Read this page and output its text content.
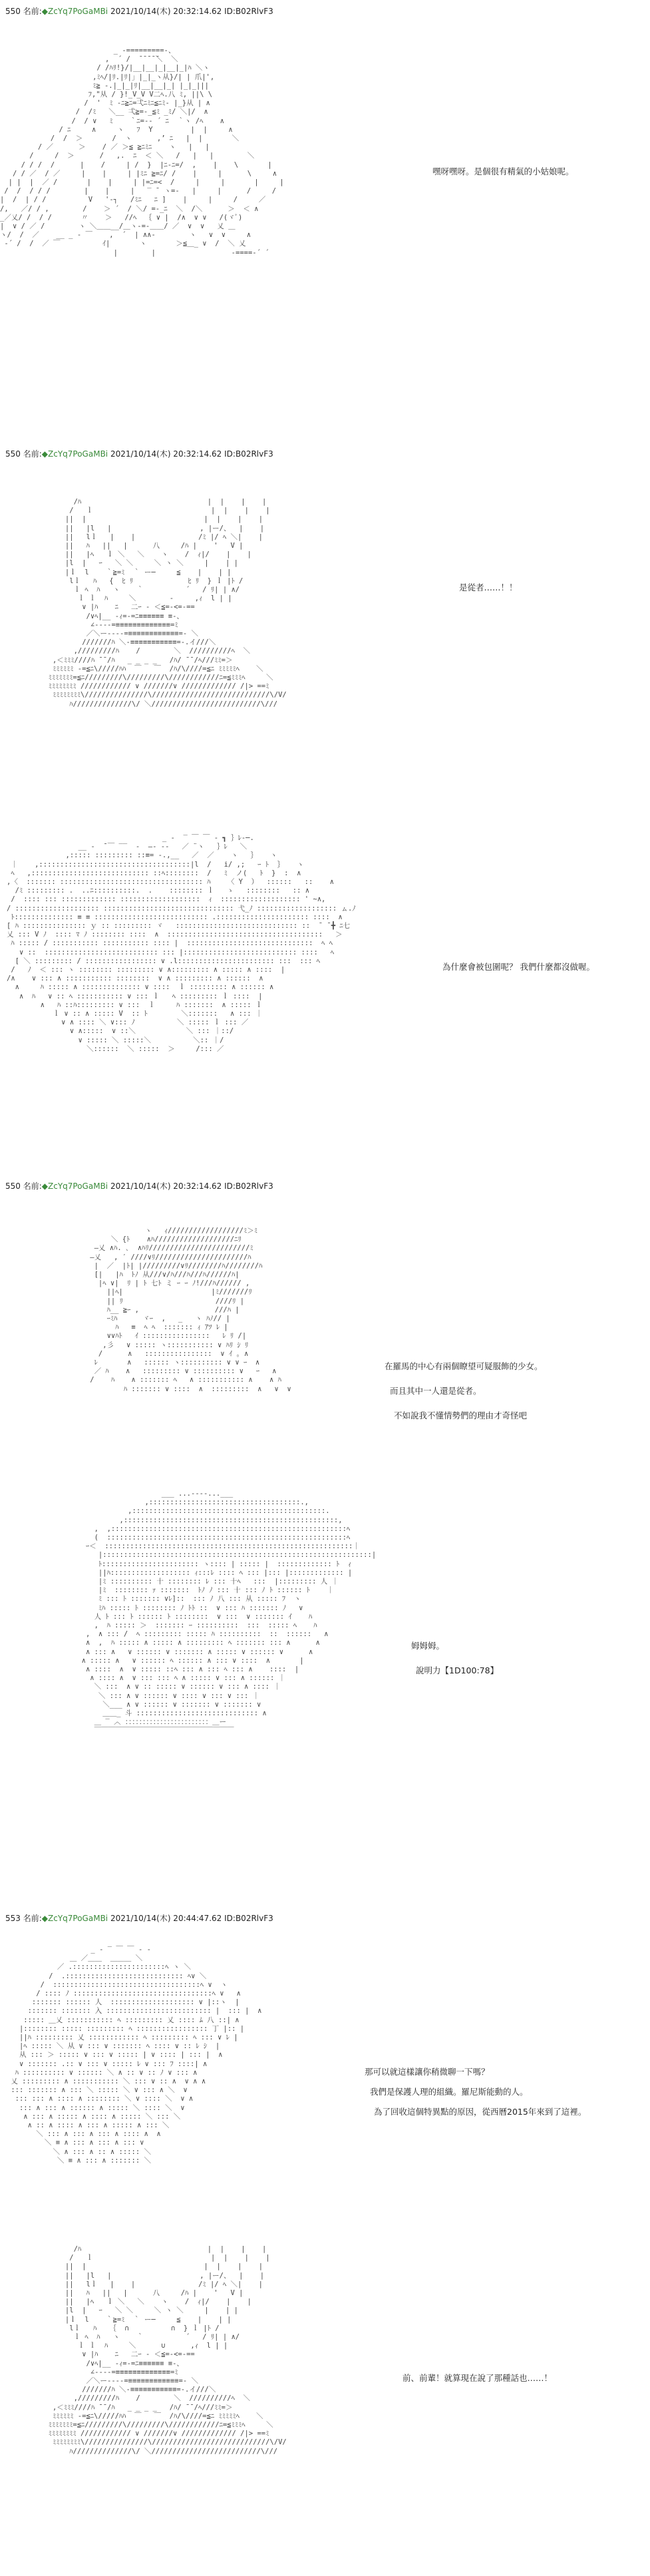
550 名前:◆ZcYq7PoGaMBi 2021/10/14(木) 20:32:14.62 ID:B02RlvF3
_ -=========-、
,  ´ /  ̄ ̄ ̄ ̄ ̄＼  ＼
/ /ﾊﾘ!}/|__|__|_|__|_|ﾊ ＼ヽ
,ﾐﾍ/|ﾘ.|ﾘ|」|_|_ヽ从}/| | 爪|',
ﾐ≧ -.|_|_|ﾘ|__|__|_| |_|_|||
ﾌ,"从 / }!_V_V V二ﾍ.八 ﾐ, ||\ \
/  '  ﾐ -ﾆ≧ﾆ=弌ﾆﾐﾆ≦ﾆﾐ- |_}从 | ∧
/  /ﾐ   ＼__ 弌≧=-_≦ﾐ _ﾐ/ ＼|/  ∧
/  / ∨   ﾐ    ｀ﾆ=-‐ ´ ﾆ  ｀ヽ /ﾍ    ∧
/ ﾆ     ∧     ヽ   ﾌ  Y         |  |     ∧
/  /  ＞       /  ヽ      ,’ ﾆ   |  |       ＼
/ ／      ＞    / ／ ＞≦ ≧ﾆﾐﾆ    ヽ   |   |
/     /  ＞      /   ,.  ﾆ  ＜ ＼   /   |   |        ＼
/ / /  /      |    /     | /  }  |ﾆ-ﾆ=/  ,    |    \       |
/ / ／  / ／     |    |     | |ﾐﾆ ≧=ﾆ/ /    |     |      \     ∧
| |  |  ／ /       |    |     | |=ﾆ=<  /     |     |       |     |
/  /  / / /        |    |     |   ‾ ̄  ヽ=-   |     |      /     /
|  /  | / /          V   '‐┐   /ﾐﾆ   ﾆ ]    |     |     /     ／
/,   ／/ / ,        /    ＞ ´  / ＼/ =-_ﾆ  ＼  /＼      ＞  ＜ ∧
_／乂/ /  / /       〃    ＞   //ﾍ  ｛ ∨ |  /∧  ∨ ∨   /(ヾﾞ)
|  ∨ / ／ /        ヽ ＼＿＿__/＿ヽ-=-＿＿/ ／  ∨  ∨   乂 ＿
ヽ/  /  ／    __ _ ‐ ￣    ,  ´  | ∧∧‐        ヽ   ∨  ∨     ∧
‐´ /  /  ／ ￣          ｲ|       ヽ       ＞≦＿_ ∨  /  ＼ 乂
|        |                  ‐====‐´ ´
嘿呀嘿呀。是個很有精氣的小姑娘呢。
550 名前:◆ZcYq7PoGaMBi 2021/10/14(木) 20:32:14.62 ID:B02RlvF3
/ﾊ                              |  |    |    |
/   ｌ                            |  |    |    |
||  |                            |  |    |    |
||   |l   |                     , |ー/、  |    |
||   lｌ   |    |               /ﾐ |/ ﾍ ＼|    |
||   ﾊ   ||   |      八     /ﾊ |    '   V |
||   |ﾍ   ｌ ＼   ＼    ヽ    /  ｨ|/    |    |
|l  |   ｰ   ＼ ＼     ＼ ヽ ＼     |    | |
|ｌ  l    ｀≧=ﾐ  ｀ ー─     ≦    |    | |
lｌ   ﾊ   {  ﾋ ﾘ             ﾋ ﾘ  } ｌ |ﾄ /
ｌ ﾍ  ﾊ   ヽ    ｀          ´   / ﾘ| | ∧/
ｌ ｌ  ﾊ     ＼        ‐     ,ｨ  l | |
∨ |ﾊ    ﾆ   二ｰ ‐ ＜≦=-<=-==
/∨ﾍ|__ -ｨ=‐=ﾆ≡≡≡≡≡≡ ≡-、
∠----=≡≡≡≡≡≡≡≡≡≡≡≡≡=ﾐ
／＼ー----=≡≡≡≡≡≡≡≡≡≡≡≡=- ＼
///////ﾊ ＼-≡≡≡≡≡≡≡≡≡≡≡=-.イ///＼
,/////////ﾊ    /        ＼  //////////ﾍ  ＼
,＜ﾐﾐﾐ////ﾊ ̄ ̄ /ﾊ   _ _ _ _   /ﾊ/ ̄ ̄ /ﾍ///ﾐﾐ=＞
ﾐﾐﾐﾐﾐﾐ -=≦ﾆ\/////ﾊﾊ  ￣   ￣  /ﾊ/\////=≦ﾆ ﾐﾐﾐﾐﾐﾍ    ＼
ﾐﾐﾐﾐﾐﾐﾐ=≦ﾆ/////////\/////////\////////////ﾆ=≦ﾐﾐﾐﾍ     ＼
ﾐﾐﾐﾐﾐﾐﾐﾐ //////////// ∨ ///////∨ ///////////// /|> ==ﾐ
ﾐﾐﾐﾐﾐﾐﾐﾐ\///////////////\////////////////////////////\/V/
ﾊ//////////////\/ ＼//////////////////////////\///
是從者……！！
_ -  ‾ ￣ ￣ ‐ ┓ ｝ﾚ‐─.
__ -  ̄ ￣ ‾‾  ‐  ―‐ ‐‐   ／ ¨ヽ   ｝ﾚ   ＼
,::::: ::::::::: ::≡= -.,__   ／  ／    ヽ   ｝   ヽ
｜    ,::::::::::::::::::::::::::::::::::::|l  /   i/ ,;   ｰ ﾄ  ｝   ヽ
ﾍ   ,:::::::::::::::::::::::::::: ::ﾍ::::::::  /   ﾐ  ノ(   ﾄ  }  :  ∧
,〈  ::::::: :::::::::::::::::::::::::::::::::: ﾊ    〈 Y  ）  ::::::   ::    ∧
/ﾐ ::::::::: .  ..ﾆ::::::::::.  .    :::::::: ｌ   ゝ   ::::::::   :: ∧
/  :::: ::: ::::::::::::: :::::::::::::::::::  ｨ  ::::::::::::::::::: ' ~∧,
/ :::::::::::::::::::: ::::::::::::::::::::::::::::::: 弋_ﾉ ::::::::::::::::::: ㇺ.ﾉ
ﾄ:::::::::::::: ≡ ≡ ::::::::::::::::::::::::::: .:::::::::::::::::::::: ::::  ∧
[ ﾊ ::::::::::::::: ｙ :: ::::::::: ヾ   ::::::::::::::::::::::::::::: ::  ̄  ̄ ╋ ﾆ七
乂 ::: V ﾉ  :::: ﾏ ﾉ :::::::: ::::  ∧  :::::::::::::::::::::::::::::::::::::   ＞
ﾊ ::::: / ::::::::::: ::::::::::: :::: |  ::::::::::::::::::::::::::::::  ﾍ ﾍ
∨ ::  ::::::::::::::::::::::::::: ::: |::::::::::::::::::::::::::: ::::   ﾍ
[ ＼ ::::::::: / ::::::::::::::::: ∨ .l::::::::::::::::::::::: :::  ::: ﾍ
/   ﾉ  ＜ ::: ヽ :::::::: ::::::::: ∨ ∧::::::::: ∧ ::::: ∧ ::::  |
/∧    ∨ ::: ∧ ::::::::::: ::::::::  ∨ ∧ ::::::::: ∧ ::::::  ∧
∧     ﾊ ::::: ∧ :::::::::::::: ∨ ::::  ｌ ::::::::: ∧ :::::: ∧
∧  ﾊ   ∨ :: ﾍ ::::::::::: ∨ ::: ｌ   ﾍ ::::::::: ｌ ::::  |
∧   ﾊ ::ﾊ::::::::: ∨ :::  ｌ     ﾊ :::::::  ∧ ::::: ｌ
ｌ ∨ :: ∧ ::::: V  :: ﾄ        ＼:::::::   ∧ ::: ｜
∨ ∧ :::: ＼ ∨::: ﾉ          ＼ ::::: ｌ ::: ／
∨ ∧:::::  ∨ ::＼            ＼ ::: ｜::/
∨ ::::: ＼ :::::＼          ＼:: ｜/
＼::::::  ＼ :::::  ＞     /::: ／
為什麼會被包圍呢？ 我們什麼都沒做喔。
550 名前:◆ZcYq7PoGaMBi 2021/10/14(木) 20:32:14.62 ID:B02RlvF3
ヽ   ｨ//////////////////ﾐ＞ﾐ
＼ {ﾄ    ∧ﾊ///////////////////ﾆﾘ
―乂 ∧ﾊ. ､  ∧ﾊﾘ////////////////////////ﾐ
―乂   , ′ ////∨ﾘ//////////////////////ﾊ
|  ／  |ﾄ| |/////////∨ﾘ////////ﾊ////////ﾊ
[|   |ﾊ  ﾄﾉ 从///∨/ﾊ///ﾊ///ﾊ//////ﾊ|
|ﾍ ∨|  ﾘ | ﾄ 七ﾄ ミ ｰ ｰ ﾉ!///ﾊ////// ,
||ﾍ|                     |ﾐ///////ﾘ
|| ﾘ                      ////ﾘ |
ﾊ__ ≧ｰ ,                  ///ﾊ |
ｰﾐﾊ      ヾｰ  ,   _   ヽ ﾊﾉ// |
ﾊ   ≡  ﾍ ﾍ  ::::::: ｨ ｱﾂ ﾚ |
∨∨ﾊﾄ   ｲ ::::::::::::::::   ﾚ ﾘ /|
,彡   ∨ ::::: ヽ::::::::::: ∨ ﾊﾘ ｼ ﾘ
/      ∧   ::::::::::::::::  ∨ ｲ ｡ ∧
ﾚ       ∧   :::::: ヽ:::::::::: ∨ ∨ ｰ  ∧
／ ﾊ    ∧   ::::::::: ∨ :::::::::: ∨   ｰ   ∧
/    ﾊ    ∧ ::::::: ﾍ   ∧ ::::::::::: ∧    ∧ ﾊ
ﾊ ::::::: ∨ ::::  ∧  :::::::::  ∧   ∨  ∨
在羅馬的中心有兩個瞭望可疑服飾的少女。
而且其中一人還是從者。
不如說我不懂情勢們的理由才奇怪吧
___ ...----...___
,::::::::::::::::::::::::::::::::::::.,
,::::::::::::::::::::::::::::::::::::::::::::::.
,:::::::::::::::::::::::::::::::::::::::::::::::::::,
,  ,::::::::::::::::::::::::::::::::::::::::::::::::::::::::ﾍ
(  :::::::::::::::::::::::::::::::::::::::::::::::::::::::::ﾍ
ｰ＜  :::::::::::::::::::::::::::::::::::::::::::::::::::::::::::｜
|::::::::::::::::::::::::::::::::::::::::::::::::::::::::::::::::|
ﾄ::::::::::::::::::::::: ヽ:::: | ::::: |  ::::::::::::: ﾄ  ｨ
||ﾊ::::::::::::::::::: ｨ:::ﾚ :::: ﾍ ::: |::: |::::::::::::: |
|ﾐ :::::::::: 十 :::::::: ﾚ ::: 十ﾍ   :::  |::::::::: 人 ｜
|ﾐ  :::::::: ｧ :::::::  ﾄﾉ ﾉ ::: 十 ::: ﾉ ﾄ :::::: ﾄ    ｜
ﾐ ::: ﾄ ::::::: ∨ﾚ]::  ::: ﾉ 八 ::: 从 ::::: ﾌ  ヽ
ﾐﾊ ::::: ﾄ :::::::: ﾉ ﾄﾄ ::  ∨ ::: ﾊ ::::::: ﾉ   ∨
人 ﾄ ::: ﾄ :::::: ﾄ ::::::::  ∨ :::  ∨ ::::::: ｲ    ﾊ
,  ﾊ ::::: ＞  ::::::: ｰ ::::::::::  :::  ::::: ﾍ    ﾊ
,  ∧ ::: /  ﾍ ::::::::: ::::: ﾊ ::::::::::  ::  ::::::   ∧
∧  ,  ﾊ ::::: ∧ ::::: ∧ ::::::::: ﾍ ::::::: ::: ∧      ∧
∧ ::: ∧   ∨ :::::: ∨ ::::::: ∧ ::::: ∨ :::::: ∨      ∧
∧ ::::: ∧   ∨ :::::: ﾍ :::::: ∧ ::: ∨ ::::  ∧       |
∧ ::::  ∧  ∨ ::::: ::ﾍ ::: ∧ ::: ﾍ ::: ∧    ::::  |
∧ :::: ∧  ∨ ::: ::: ﾍ ∧ ::::: ∨ ::: ∧ :::::: ｜
＼ :::  ∧ ∨ :: ::::: ∨ :::::: ∨ ::: ∧ :::: ｜
＼ ::: ∧ ∨ :::::: ∨ :::: ∨ ::: ∨ ::: ｜
＼___ ∧ ∨ :::::: ∨ ::::::: ∨ ::::::: ∨
＿＿_ 斗 ::::::::::::::::::::::::::::: ∧
＿ ‾ ︿ ：：：：：：：：：：：：：：：：：：：：：：：：＿ー
￣￣￣￣￣￣￣￣￣￣￣￣￣￣￣￣￣￣￣￣
姆姆姆。
說明力【1D100:78】
553 名前:◆ZcYq7PoGaMBi 2021/10/14(木) 20:44:47.62 ID:B02RlvF3
_ - ‾ ￣ ￣ ‐ -
＿ ／＿＿  ＿＿＿ ＼
／ .::::::::::::::::::::::ﾍ ヽ ＼
/  .:::::::::::::::::::::::::::: ﾍ∨ ＼
/  :::::::::::::::::::::::::::::::::::ﾍ ∨  ヽ
/ :::: ﾉ :::::::::::::::::::::::::::::::::ﾍ ∨   ∧
::::::: :::::: 人  :::::::::::::::::::: ∨ |::ヽ  |
::::::: ::::::: 入 ::::::::::::::::::::::::: |  ::: |  ∧
::::: ＿乂 ::::::::::: ﾍ ::::::::: 乂 :::: ﾑ 八 ::| ∧
|:::::::: ::::: ::::::::: ﾍ ::::::::::::::::: 丁 |:: |
||ﾊ ::::::::: 乂 :::::::::::: ﾍ ::::::::: ﾍ ::: ∨ ﾚ |
|ﾍ ::::: ＼ 从 ∨ ::: ∨ ::::::: ﾍ :::: ∨ :: ﾚ ｼ  |
从 ::: ＞ ::::: ∨ ::: ∨ ::::: | ∨ :::: | ::: |  ∧
∨ ::::::: .:: ∨ ::: ∨ ::::: ﾚ ∨ ::: ﾌ ::::| ∧
ﾊ :::::::::: ∨ :::::: ＼ ∧ :: ∨ :: ﾉ ∨ ::: ∧
乂 ::::::::: ∧ ::::::::::: ＼ ::: ∨ :: ∧  ∨ ∧ ∧
::: ::::::: ∧ ::: ＼ ::::: ＼ ∨ ::: ∧ ＼  ∨
::: ::: ∧ :::: ∧ :::::::: ＼ ∨ :::: ＼  ∨ ∧
::: ∧ ::: ∧ :::::: ∧ ::::: ＼ :::: ＼  ∨
∧ ::: ∧ ::::: ∧ :::: ∧ ::::: ＼ ::: ＼
∧ :: ∧ :::: ∧ ::: ∧ ::::: ∧ ::: ＼
＼ ::: ∧ ::: ∧ ::: ∧ :::: ∧  ∧
＼ ≡ ∧ ::: ∧ ::: ∧ ::: ∨
＼ ∧ ::: ∧ :: ∧ ::::: ＼
＼ ≡ ∧ ::: ∧ ::::::: ＼
那可以就這樣讓你稍微聊一下嗎？
我們是保護人理的組織。羅尼斯能動的人。
為了回收這個特異點的原因，從西曆2015年來到了這裡。
/ﾊ                              |  |    |    |
/   ｌ                            |  |    |    |
||  |                            |  |    |    |
||   |l   |                     , |ー/、  |    |
||   lｌ   |    |               /ﾐ |/ ﾍ ＼|    |
||   ﾊ   ||   |      八     /ﾊ |    '   V |
||   |ﾍ   ｌ ＼   ＼    ヽ    /  ｨ|/    |    |
|l  |   ｰ   ＼ ＼     ＼ ヽ ＼     |    | |
|ｌ  l    ｀≧=ﾐ  ｀ ー─     ≦    |    | |
lｌ   ﾊ   ｛  ∩          ∩  } ｌ |ﾄ /
ｌ ﾍ  ﾊ   ヽ    ｀          ´   / ﾘ| | ∧/
ｌ ｌ  ﾊ     ＼      ∪      ,ｨ  l | |
∨ |ﾊ    ﾆ   二ｰ ‐ ＜≦=-<=-==
/∨ﾍ|__ -ｨ=‐=ﾆ≡≡≡≡≡≡ ≡-、
∠----=≡≡≡≡≡≡≡≡≡≡≡≡≡=ﾐ
／＼ー----=≡≡≡≡≡≡≡≡≡≡≡≡=- ＼
///////ﾊ ＼-≡≡≡≡≡≡≡≡≡≡≡=-.イ///＼
,/////////ﾊ    /        ＼  //////////ﾍ  ＼
,＜ﾐﾐﾐ////ﾊ ̄ ̄ /ﾊ   _ _ _ _   /ﾊ/ ̄ ̄ /ﾍ///ﾐﾐ=＞
ﾐﾐﾐﾐﾐﾐ -=≦ﾆ\/////ﾊﾊ  ￣   ￣  /ﾊ/\////=≦ﾆ ﾐﾐﾐﾐﾐﾍ    ＼
ﾐﾐﾐﾐﾐﾐﾐ=≦ﾆ/////////\/////////\////////////ﾆ=≦ﾐﾐﾐﾍ     ＼
ﾐﾐﾐﾐﾐﾐﾐﾐ //////////// ∨ ///////∨ ///////////// /|> ==ﾐ
ﾐﾐﾐﾐﾐﾐﾐﾐ\///////////////\////////////////////////////\/V/
ﾊ//////////////\/ ＼//////////////////////////\///
前、前輩！就算現在說了那種話也……！
